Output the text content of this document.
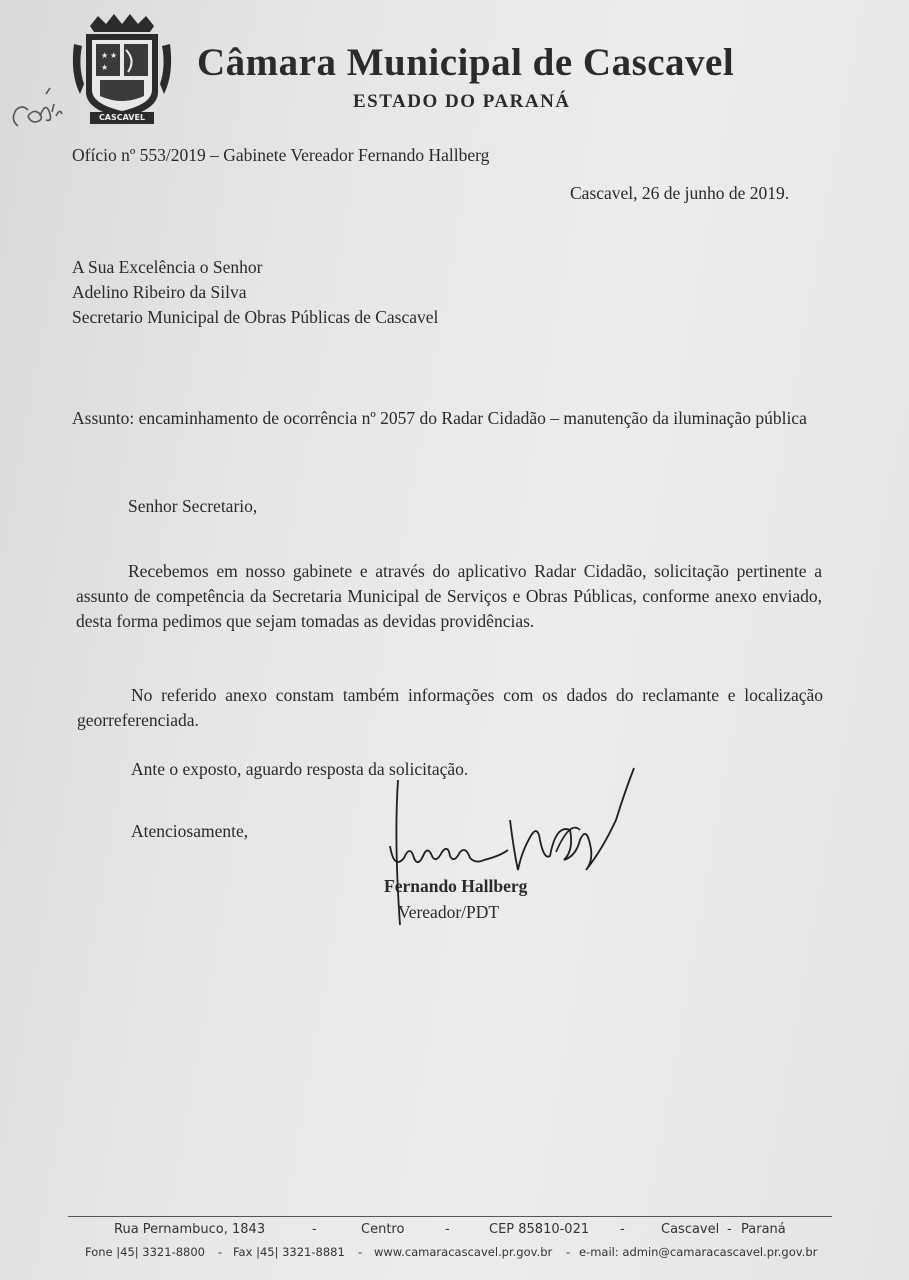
★ ★
★
CASCAVEL
Câmara Municipal de Cascavel
ESTADO DO PARANÁ
Ofício nº 553/2019 – Gabinete Vereador Fernando Hallberg
Cascavel, 26 de junho de 2019.
A Sua Excelência o Senhor
Adelino Ribeiro da Silva
Secretario Municipal de Obras Públicas de Cascavel
Assunto: encaminhamento de ocorrência nº 2057 do Radar Cidadão – manutenção da iluminação pública
Senhor Secretario,
Recebemos em nosso gabinete e através do aplicativo Radar Cidadão, solicitação pertinente a assunto de competência da Secretaria Municipal de Serviços e Obras Públicas, conforme anexo enviado, desta forma pedimos que sejam tomadas as devidas providências.
No referido anexo constam também informações com os dados do reclamante e localização georreferenciada.
Ante o exposto, aguardo resposta da solicitação.
Atenciosamente,
Fernando Hallberg
Vereador/PDT
Rua Pernambuco, 1843	-	Centro	-	CEP 85810-021 -	Cascavel - Paraná
Fone |45| 3321-8800 - Fax |45| 3321-8881 - www.camaracascavel.pr.gov.br - e-mail: admin@camaracascavel.pr.gov.br
